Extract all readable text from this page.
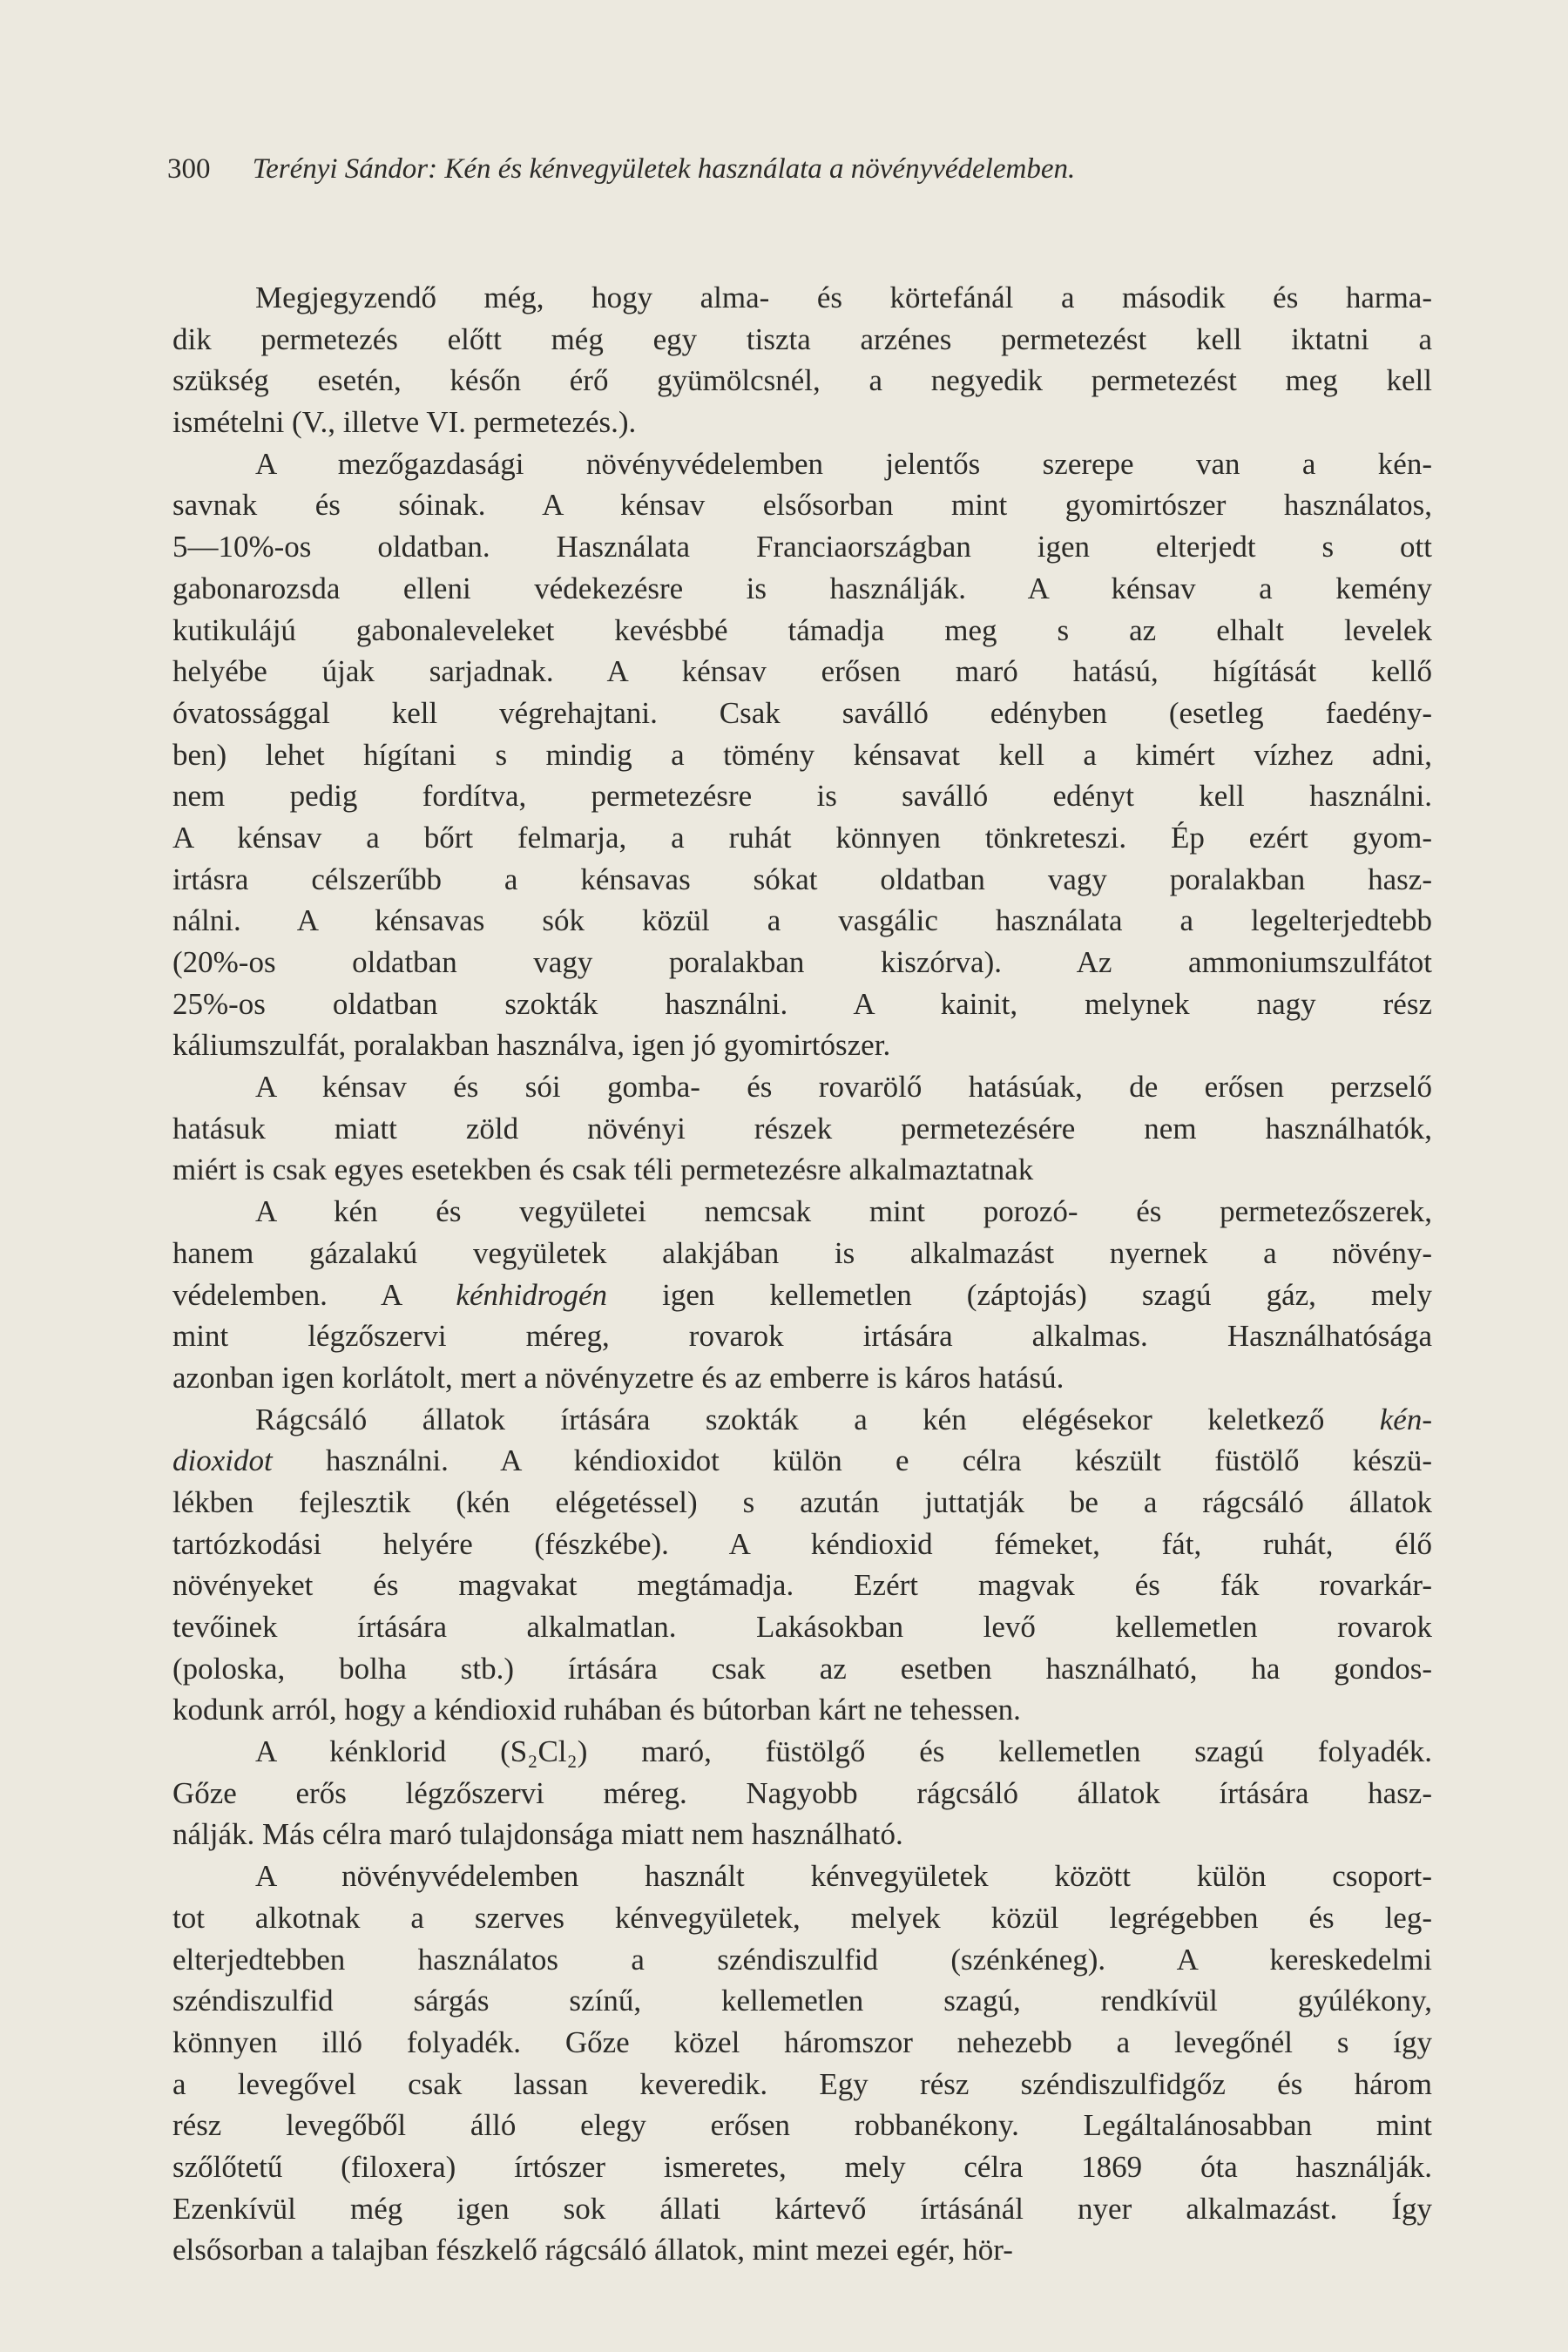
300 Terényi Sándor: Kén és kénvegyületek használata a növényvédelemben.
Megjegyzendő még, hogy alma- és körtefánál a második és harma-
dik permetezés előtt még egy tiszta arzénes permetezést kell iktatni a
szükség esetén, későn érő gyümölcsnél, a negyedik permetezést meg kell
ismételni (V., illetve VI. permetezés.).
A mezőgazdasági növényvédelemben jelentős szerepe van a kén-
savnak és sóinak. A kénsav elsősorban mint gyomirtószer használatos,
5—10%-os oldatban. Használata Franciaországban igen elterjedt s ott
gabonarozsda elleni védekezésre is használják. A kénsav a kemény
kutikulájú gabonaleveleket kevésbbé támadja meg s az elhalt levelek
helyébe újak sarjadnak. A kénsav erősen maró hatású, hígítását kellő
óvatossággal kell végrehajtani. Csak saválló edényben (esetleg faedény-
ben) lehet hígítani s mindig a tömény kénsavat kell a kimért vízhez adni,
nem pedig fordítva, permetezésre is saválló edényt kell használni.
A kénsav a bőrt felmarja, a ruhát könnyen tönkreteszi. Ép ezért gyom-
irtásra célszerűbb a kénsavas sókat oldatban vagy poralakban hasz-
nálni. A kénsavas sók közül a vasgálic használata a legelterjedtebb
(20%-os oldatban vagy poralakban kiszórva). Az ammoniumszulfátot
25%-os oldatban szokták használni. A kainit, melynek nagy rész
káliumszulfát, poralakban használva, igen jó gyomirtószer.
A kénsav és sói gomba- és rovarölő hatásúak, de erősen perzselő
hatásuk miatt zöld növényi részek permetezésére nem használhatók,
miért is csak egyes esetekben és csak téli permetezésre alkalmaztatnak
A kén és vegyületei nemcsak mint porozó- és permetezőszerek,
hanem gázalakú vegyületek alakjában is alkalmazást nyernek a növény-
védelemben. A kénhidrogén igen kellemetlen (záptojás) szagú gáz, mely
mint légzőszervi méreg, rovarok irtására alkalmas. Használhatósága
azonban igen korlátolt, mert a növényzetre és az emberre is káros hatású.
Rágcsáló állatok írtására szokták a kén elégésekor keletkező kén-
dioxidot használni. A kéndioxidot külön e célra készült füstölő készü-
lékben fejlesztik (kén elégetéssel) s azután juttatják be a rágcsáló állatok
tartózkodási helyére (fészkébe). A kéndioxid fémeket, fát, ruhát, élő
növényeket és magvakat megtámadja. Ezért magvak és fák rovarkár-
tevőinek írtására alkalmatlan. Lakásokban levő kellemetlen rovarok
(poloska, bolha stb.) írtására csak az esetben használható, ha gondos-
kodunk arról, hogy a kéndioxid ruhában és bútorban kárt ne tehessen.
A kénklorid (S₂Cl₂) maró, füstölgő és kellemetlen szagú folyadék.
Gőze erős légzőszervi méreg. Nagyobb rágcsáló állatok írtására hasz-
nálják. Más célra maró tulajdonsága miatt nem használható.
A növényvédelemben használt kénvegyületek között külön csoport-
tot alkotnak a szerves kénvegyületek, melyek közül legrégebben és leg-
elterjedtebben használatos a széndiszulfid (szénkéneg). A kereskedelmi
széndiszulfid sárgás színű, kellemetlen szagú, rendkívül gyúlékony,
könnyen illó folyadék. Gőze közel háromszor nehezebb a levegőnél s így
a levegővel csak lassan keveredik. Egy rész széndiszulfidgőz és három
rész levegőből álló elegy erősen robbanékony. Legáltalánosabban mint
szőlőtetű (filoxera) írtószer ismeretes, mely célra 1869 óta használják.
Ezenkívül még igen sok állati kártevő írtásánál nyer alkalmazást. Így
elsősorban a talajban fészkelő rágcsáló állatok, mint mezei egér, hör-
